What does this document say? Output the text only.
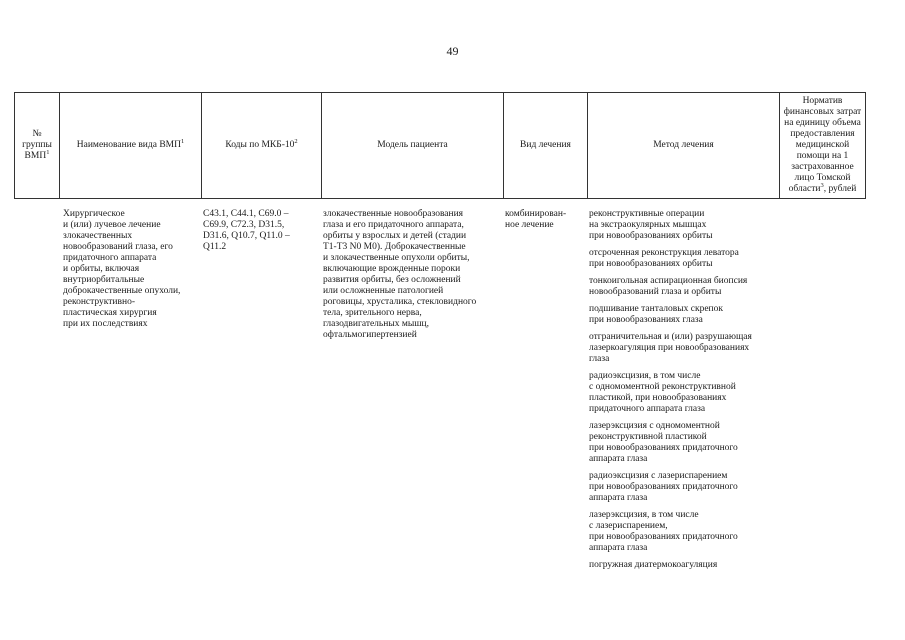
49
№ группы ВМП$^1$	Наименование вида ВМП$^1$	Коды по МКБ-$10^2$	Модель пациента	Вид лечения	Метод лечения	Норматив финансовых затрат на единицу объема предоставления медицинской помощи на 1 застрахованное лицо Томской области$^3$, рублей
	Хирургическое
и (или) лучевое лечение
злокачественных
новообразований глаза, его
придаточного аппарата
и орбиты, включая
внутриорбитальные
доброкачественные опухоли,
реконструктивно-
пластическая хирургия
при их последствиях	С43.1, С44.1, С69.0 –
С69.9, С72.3, D31.5,
D31.6, Q10.7, Q11.0 –
Q11.2	злокачественные новообразования
глаза и его придаточного аппарата,
орбиты у взрослых и детей (стадии
Т1-Т3 N0 M0). Доброкачественные
и злокачественные опухоли орбиты,
включающие врожденные пороки
развития орбиты, без осложнений
или осложненные патологией
роговицы, хрусталика, стекловидного
тела, зрительного нерва,
глазодвигательных мышц,
офтальмогипертензией	комбинирован-
ное лечение	
реконструктивные операции
на экстраокулярных мышцах
при новообразованиях орбиты
отсроченная реконструкция леватора
при новообразованиях орбиты
тонкоигольная аспирационная биопсия
новообразований глаза и орбиты
подшивание танталовых скрепок
при новообразованиях глаза
отграничительная и (или) разрушающая
лазеркоагуляция при новообразованиях
глаза
радиоэксцизия, в том числе
с одномоментной реконструктивной
пластикой, при новообразованиях
придаточного аппарата глаза
лазерэксцизия с одномоментной
реконструктивной пластикой
при новообразованиях придаточного
аппарата глаза
радиоэксцизия с лазериспарением
при новообразованиях придаточного
аппарата глаза
лазерэксцизия, в том числе
с лазериспарением,
при новообразованиях придаточного
аппарата глаза
погружная диатермокоагуляция
